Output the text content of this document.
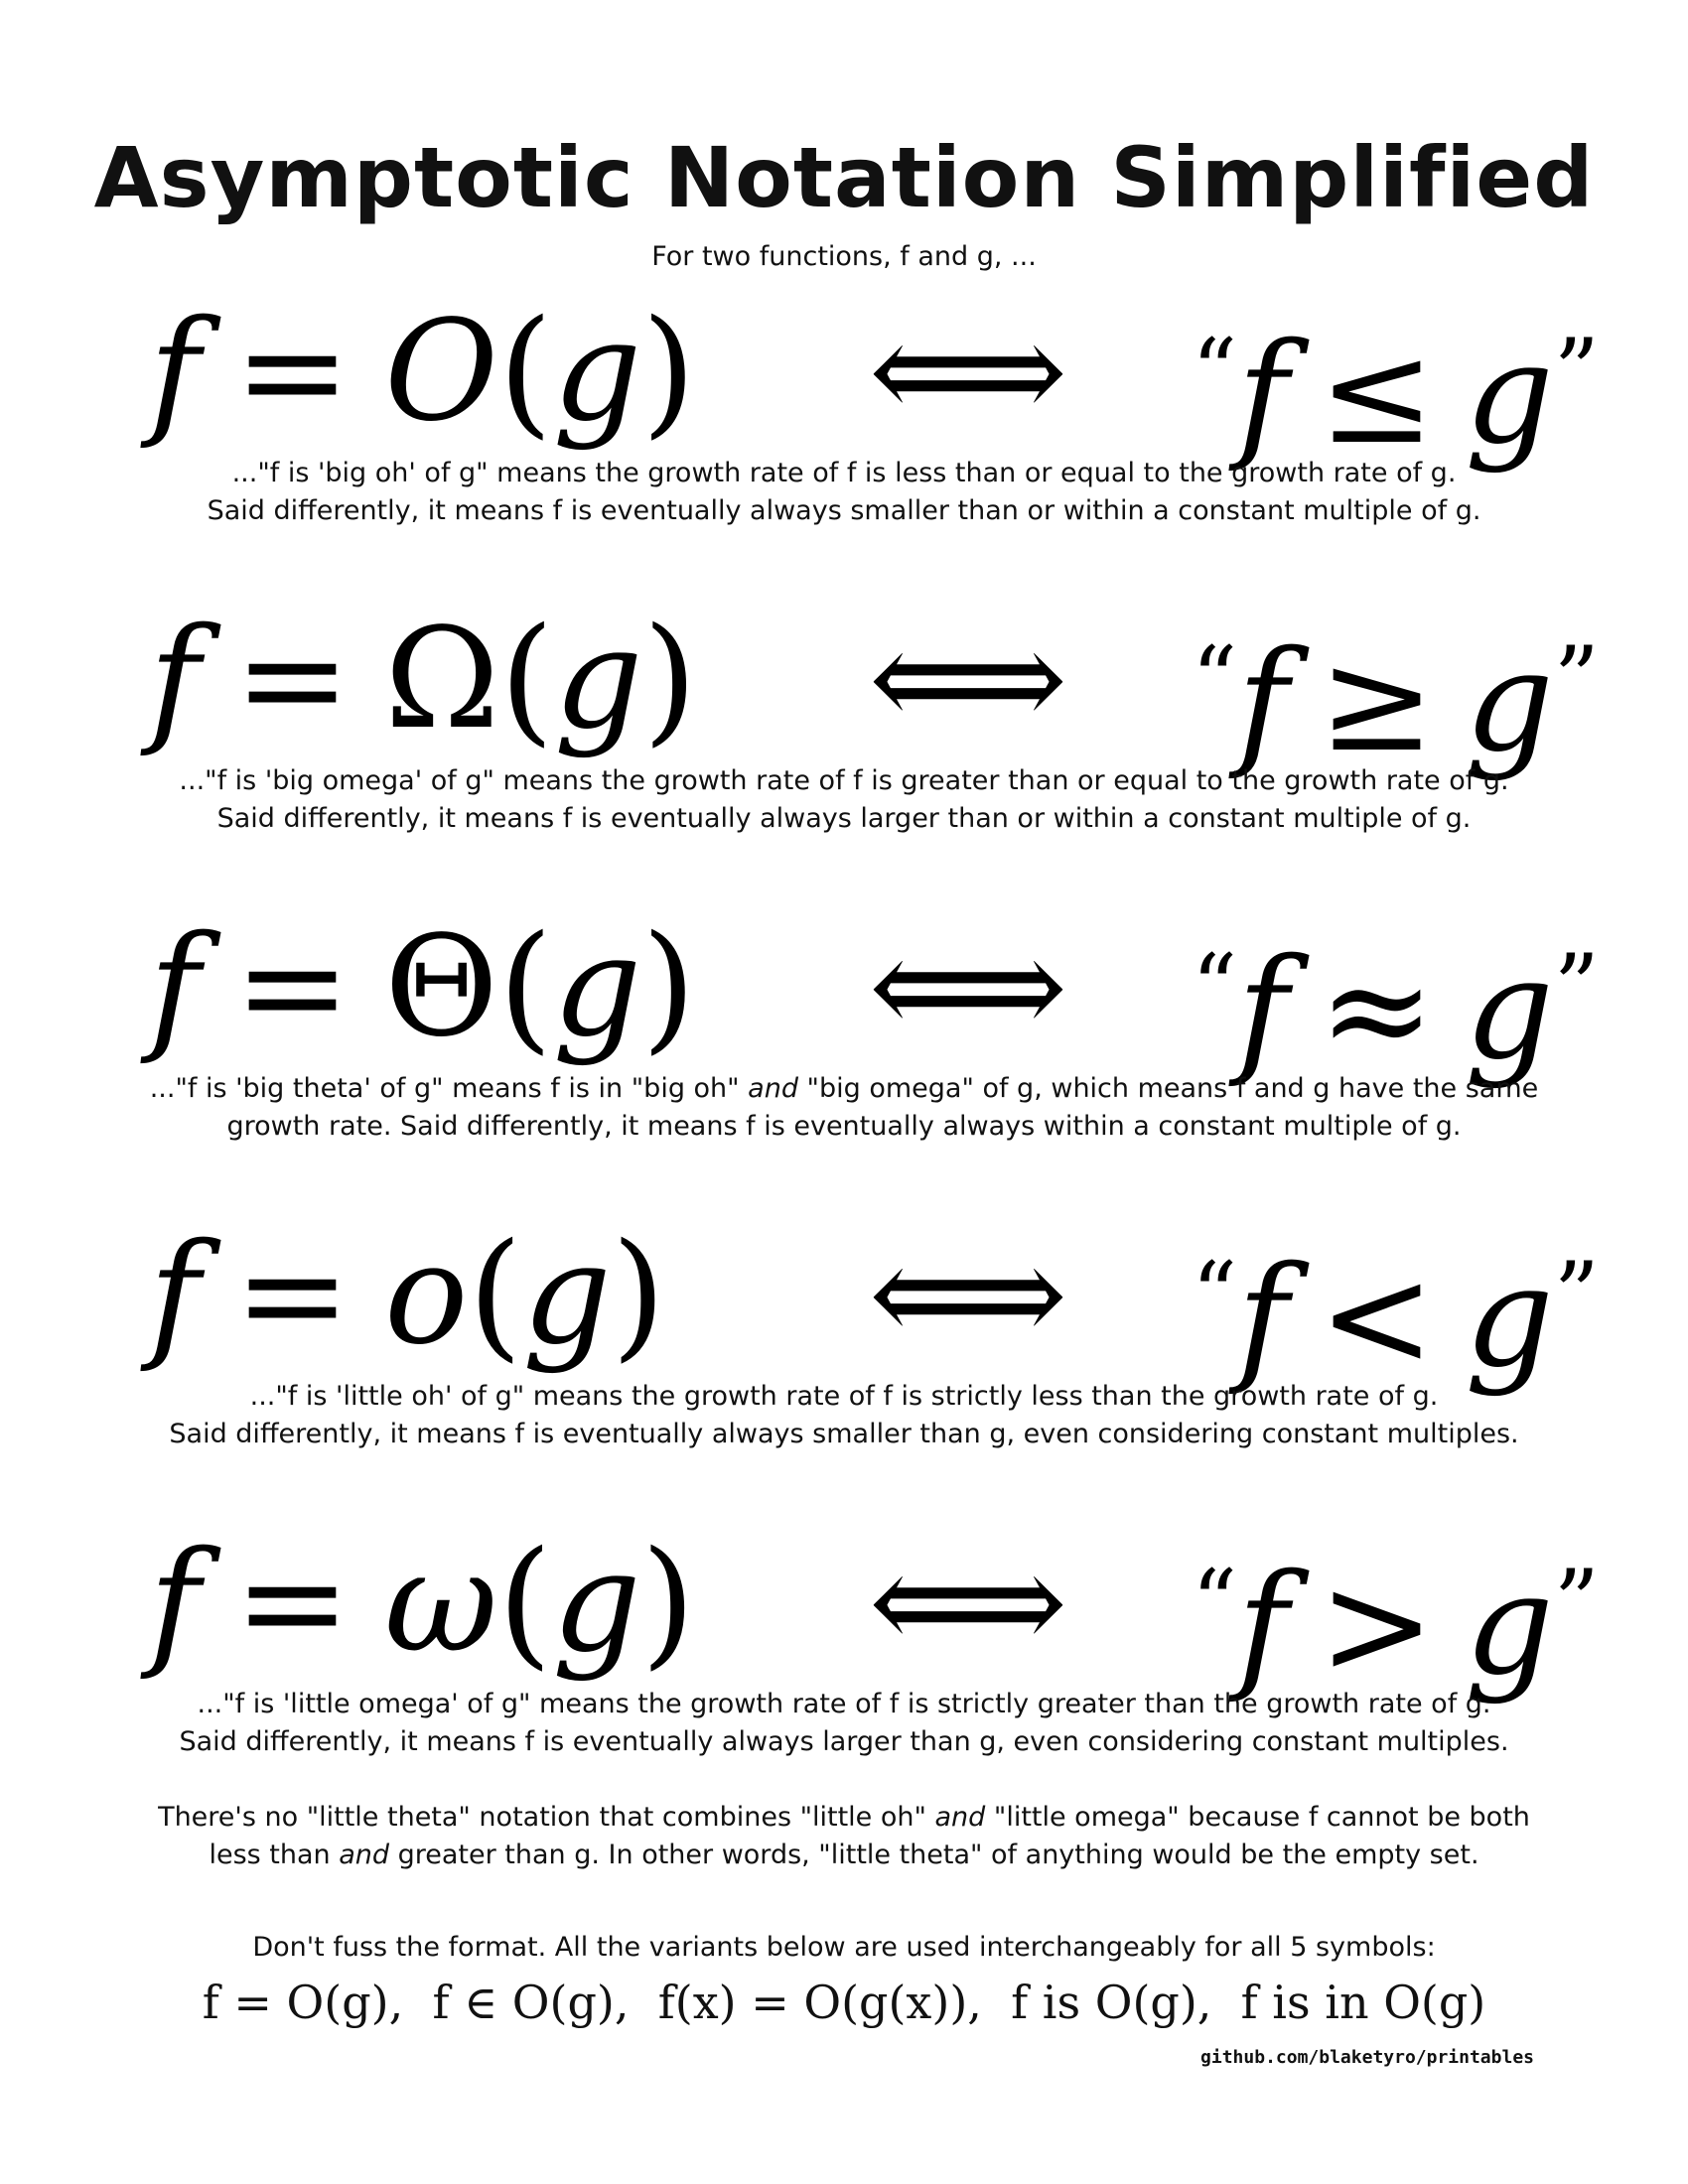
Asymptotic Notation Simplified
For two functions, f and g, ...
f = O(g)	⟺	“f ≤ g”
..."f is 'big oh' of g" means the growth rate of f is less than or equal to the growth rate of g.
Said differently, it means f is eventually always smaller than or within a constant multiple of g.
f = Ω(g)	⟺	“f ≥ g”
..."f is 'big omega' of g" means the growth rate of f is greater than or equal to the growth rate of g.
Said differently, it means f is eventually always larger than or within a constant multiple of g.
f = Θ(g)	⟺	“f ≈ g”
..."f is 'big theta' of g" means f is in "big oh" and "big omega" of g, which means f and g have the same
growth rate. Said differently, it means f is eventually always within a constant multiple of g.
f = o(g)	⟺	“f < g”
..."f is 'little oh' of g" means the growth rate of f is strictly less than the growth rate of g.
Said differently, it means f is eventually always smaller than g, even considering constant multiples.
f = ω(g)	⟺	“f > g”
..."f is 'little omega' of g" means the growth rate of f is strictly greater than the growth rate of g.
Said differently, it means f is eventually always larger than g, even considering constant multiples.
There's no "little theta" notation that combines "little oh" and "little omega" because f cannot be both
less than and greater than g. In other words, "little theta" of anything would be the empty set.
Don't fuss the format. All the variants below are used interchangeably for all 5 symbols:
f = O(g), f ∈ O(g), f(x) = O(g(x)), f is O(g), f is in O(g)
github.com/blaketyro/printables
